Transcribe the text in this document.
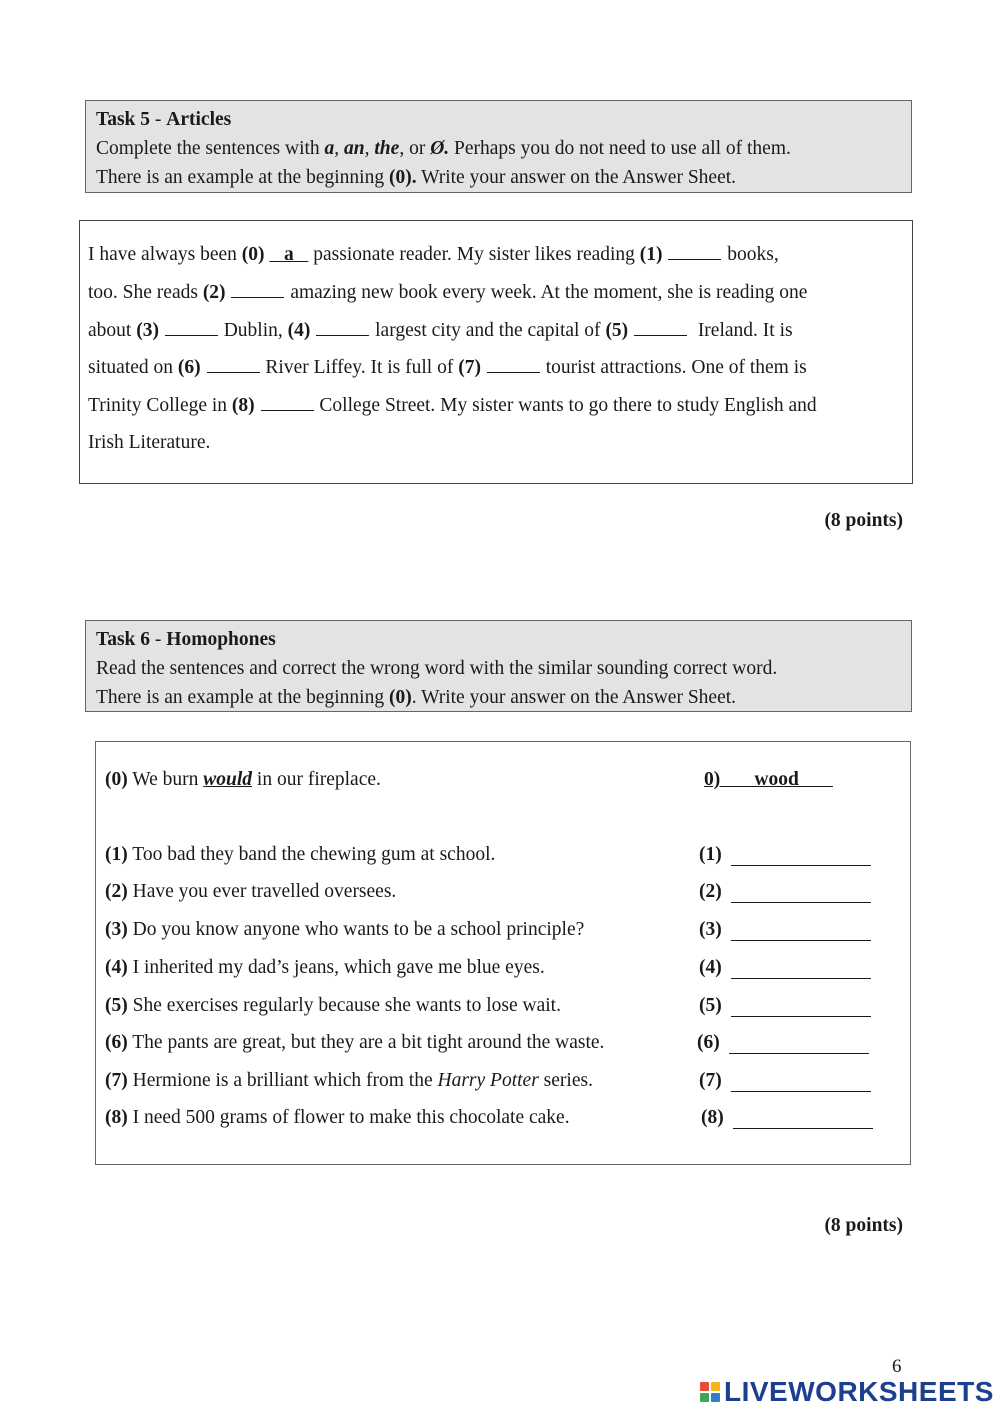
Task 5 - Articles
Complete the sentences with a, an, the, or Ø. Perhaps you do not need to use all of them.
There is an example at the beginning (0). Write your answer on the Answer Sheet.
I have always been (0)    a    passionate reader. My sister likes reading (1)	books,
too. She reads (2)	amazing new book every week. At the moment, she is reading one
about (3)	Dublin, (4)	largest city and the capital of (5)	Ireland. It is
situated on (6)	River Liffey. It is full of (7)	tourist attractions. One of them is
Trinity College in (8)	College Street. My sister wants to go there to study English and
Irish Literature.
(8 points)
Task 6 - Homophones
Read the sentences and correct the wrong word with the similar sounding correct word.
There is an example at the beginning (0). Write your answer on the Answer Sheet.
(0) We burn would in our fireplace.	0)       wood
(1) Too bad they band the chewing gum at school.	(1)
(2) Have you ever travelled oversees.	(2)
(3) Do you know anyone who wants to be a school principle?	(3)
(4) I inherited my dad’s jeans, which gave me blue eyes.	(4)
(5) She exercises regularly because she wants to lose wait.	(5)
(6) The pants are great, but they are a bit tight around the waste.	(6)
(7) Hermione is a brilliant which from the Harry Potter series.	(7)
(8) I need 500 grams of flower to make this chocolate cake.	(8)
(8 points)
6
LIVEWORKSHEETS
